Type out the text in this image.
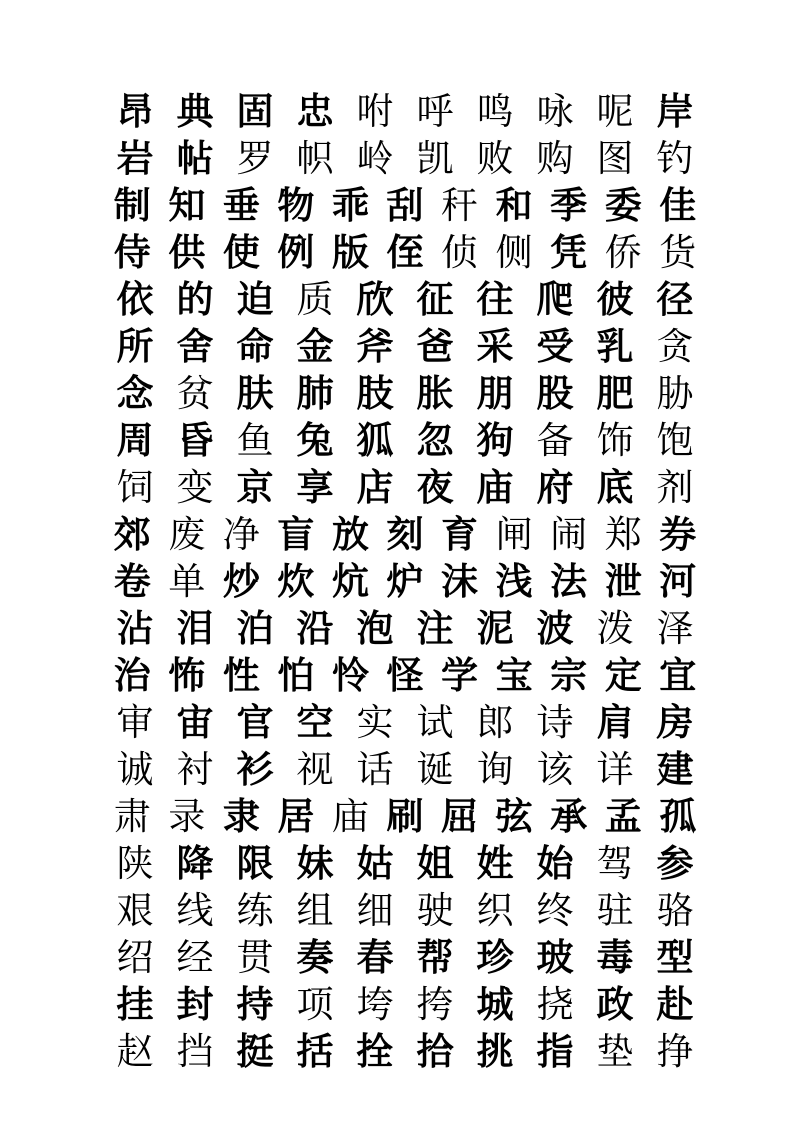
昂 典 固 忠 咐 呼 鸣 咏 呢 岸
岩 帖 罗 帜 岭 凯 败 购 图 钓
制 知 垂 物 乖 刮 秆 和 季 委 佳
侍 供 使 例 版 侄 侦 侧 凭 侨 货
依 的 迫 质 欣 征 往 爬 彼 径
所 舍 命 金 斧 爸 采 受 乳 贪
念 贫 肤 肺 肢 胀 朋 股 肥 胁
周 昏 鱼 兔 狐 忽 狗 备 饰 饱
饲 变 京 享 店 夜 庙 府 底 剂
郊 废 净 盲 放 刻 育 闸 闹 郑 券
卷 单 炒 炊 炕 炉 沫 浅 法 泄 河
沾 泪 泊 沿 泡 注 泥 波 泼 泽
治 怖 性 怕 怜 怪 学 宝 宗 定 宜
审 宙 官 空 实 试 郎 诗 肩 房
诚 衬 衫 视 话 诞 询 该 详 建
肃 录 隶 居 庙 刷 屈 弦 承 孟 孤
陕 降 限 妹 姑 姐 姓 始 驾 参
艰 线 练 组 细 驶 织 终 驻 骆
绍 经 贯 奏 春 帮 珍 玻 毒 型
挂 封 持 项 垮 挎 城 挠 政 赴
赵 挡 挺 括 拴 拾 挑 指 垫 挣
